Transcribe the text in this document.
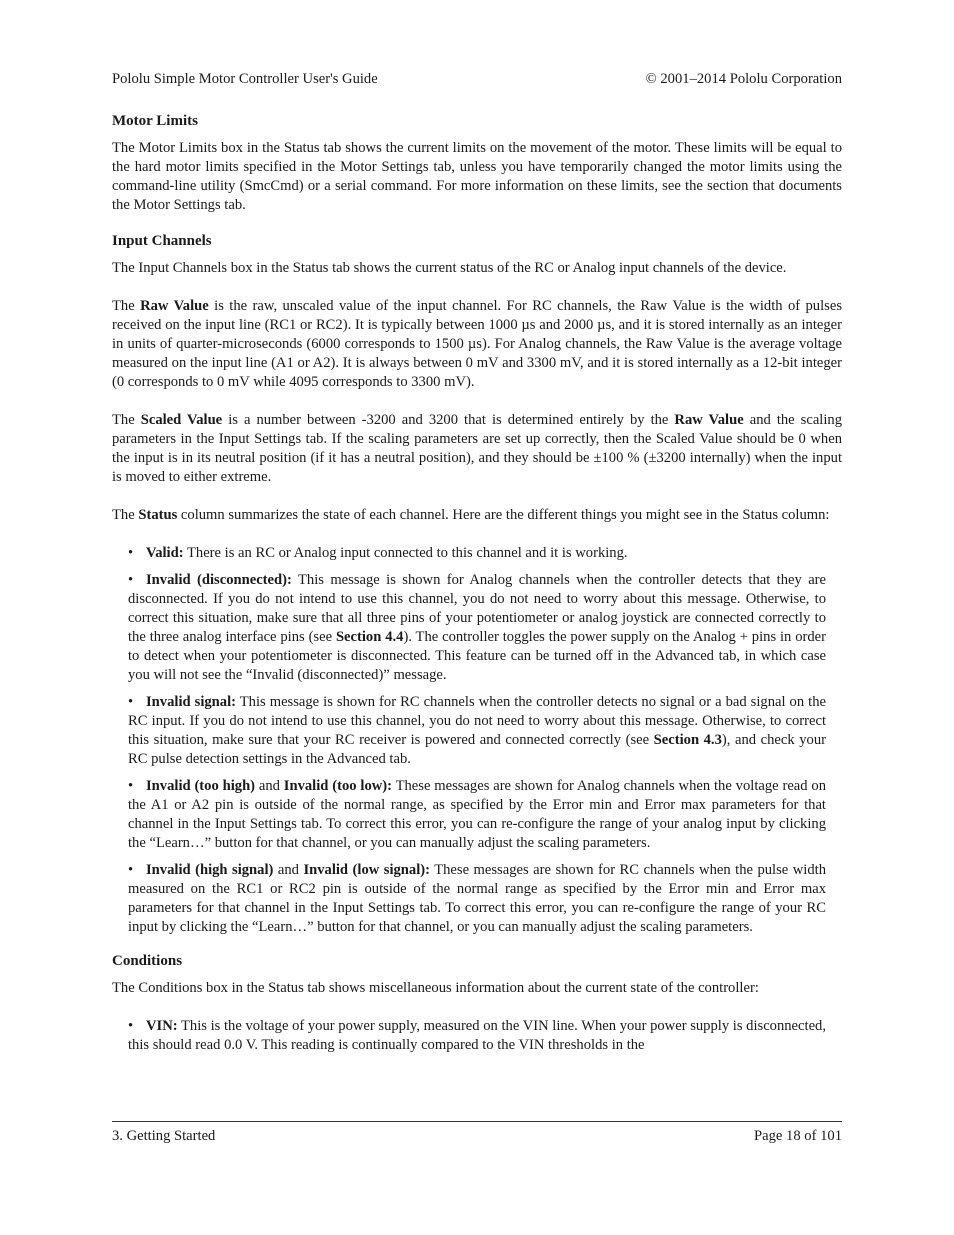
Pololu Simple Motor Controller User's Guide	© 2001–2014 Pololu Corporation
Motor Limits

The Motor Limits box in the Status tab shows the current limits on the movement of the motor. These limits will be equal to the hard motor limits specified in the Motor Settings tab, unless you have temporarily changed the motor limits using the command-line utility (SmcCmd) or a serial command. For more information on these limits, see the section that documents the Motor Settings tab.

Input Channels

The Input Channels box in the Status tab shows the current status of the RC or Analog input channels of the device.

The Raw Value is the raw, unscaled value of the input channel. For RC channels, the Raw Value is the width of pulses received on the input line (RC1 or RC2). It is typically between 1000 µs and 2000 µs, and it is stored internally as an integer in units of quarter-microseconds (6000 corresponds to 1500 µs). For Analog channels, the Raw Value is the average voltage measured on the input line (A1 or A2). It is always between 0 mV and 3300 mV, and it is stored internally as a 12-bit integer (0 corresponds to 0 mV while 4095 corresponds to 3300 mV).

The Scaled Value is a number between -3200 and 3200 that is determined entirely by the Raw Value and the scaling parameters in the Input Settings tab. If the scaling parameters are set up correctly, then the Scaled Value should be 0 when the input is in its neutral position (if it has a neutral position), and they should be ±100 % (±3200 internally) when the input is moved to either extreme.

The Status column summarizes the state of each channel. Here are the different things you might see in the Status column:

• Valid: There is an RC or Analog input connected to this channel and it is working.
• Invalid (disconnected): This message is shown for Analog channels when the controller detects that they are disconnected. If you do not intend to use this channel, you do not need to worry about this message. Otherwise, to correct this situation, make sure that all three pins of your potentiometer or analog joystick are connected correctly to the three analog interface pins (see Section 4.4). The controller toggles the power supply on the Analog + pins in order to detect when your potentiometer is disconnected. This feature can be turned off in the Advanced tab, in which case you will not see the “Invalid (disconnected)” message.
• Invalid signal: This message is shown for RC channels when the controller detects no signal or a bad signal on the RC input. If you do not intend to use this channel, you do not need to worry about this message. Otherwise, to correct this situation, make sure that your RC receiver is powered and connected correctly (see Section 4.3), and check your RC pulse detection settings in the Advanced tab.
• Invalid (too high) and Invalid (too low): These messages are shown for Analog channels when the voltage read on the A1 or A2 pin is outside of the normal range, as specified by the Error min and Error max parameters for that channel in the Input Settings tab. To correct this error, you can re-configure the range of your analog input by clicking the “Learn…” button for that channel, or you can manually adjust the scaling parameters.
• Invalid (high signal) and Invalid (low signal): These messages are shown for RC channels when the pulse width measured on the RC1 or RC2 pin is outside of the normal range as specified by the Error min and Error max parameters for that channel in the Input Settings tab. To correct this error, you can re-configure the range of your RC input by clicking the “Learn…” button for that channel, or you can manually adjust the scaling parameters.
Conditions

The Conditions box in the Status tab shows miscellaneous information about the current state of the controller:

• VIN: This is the voltage of your power supply, measured on the VIN line. When your power supply is disconnected, this should read 0.0 V. This reading is continually compared to the VIN thresholds in the
3. Getting Started	Page 18 of 101
